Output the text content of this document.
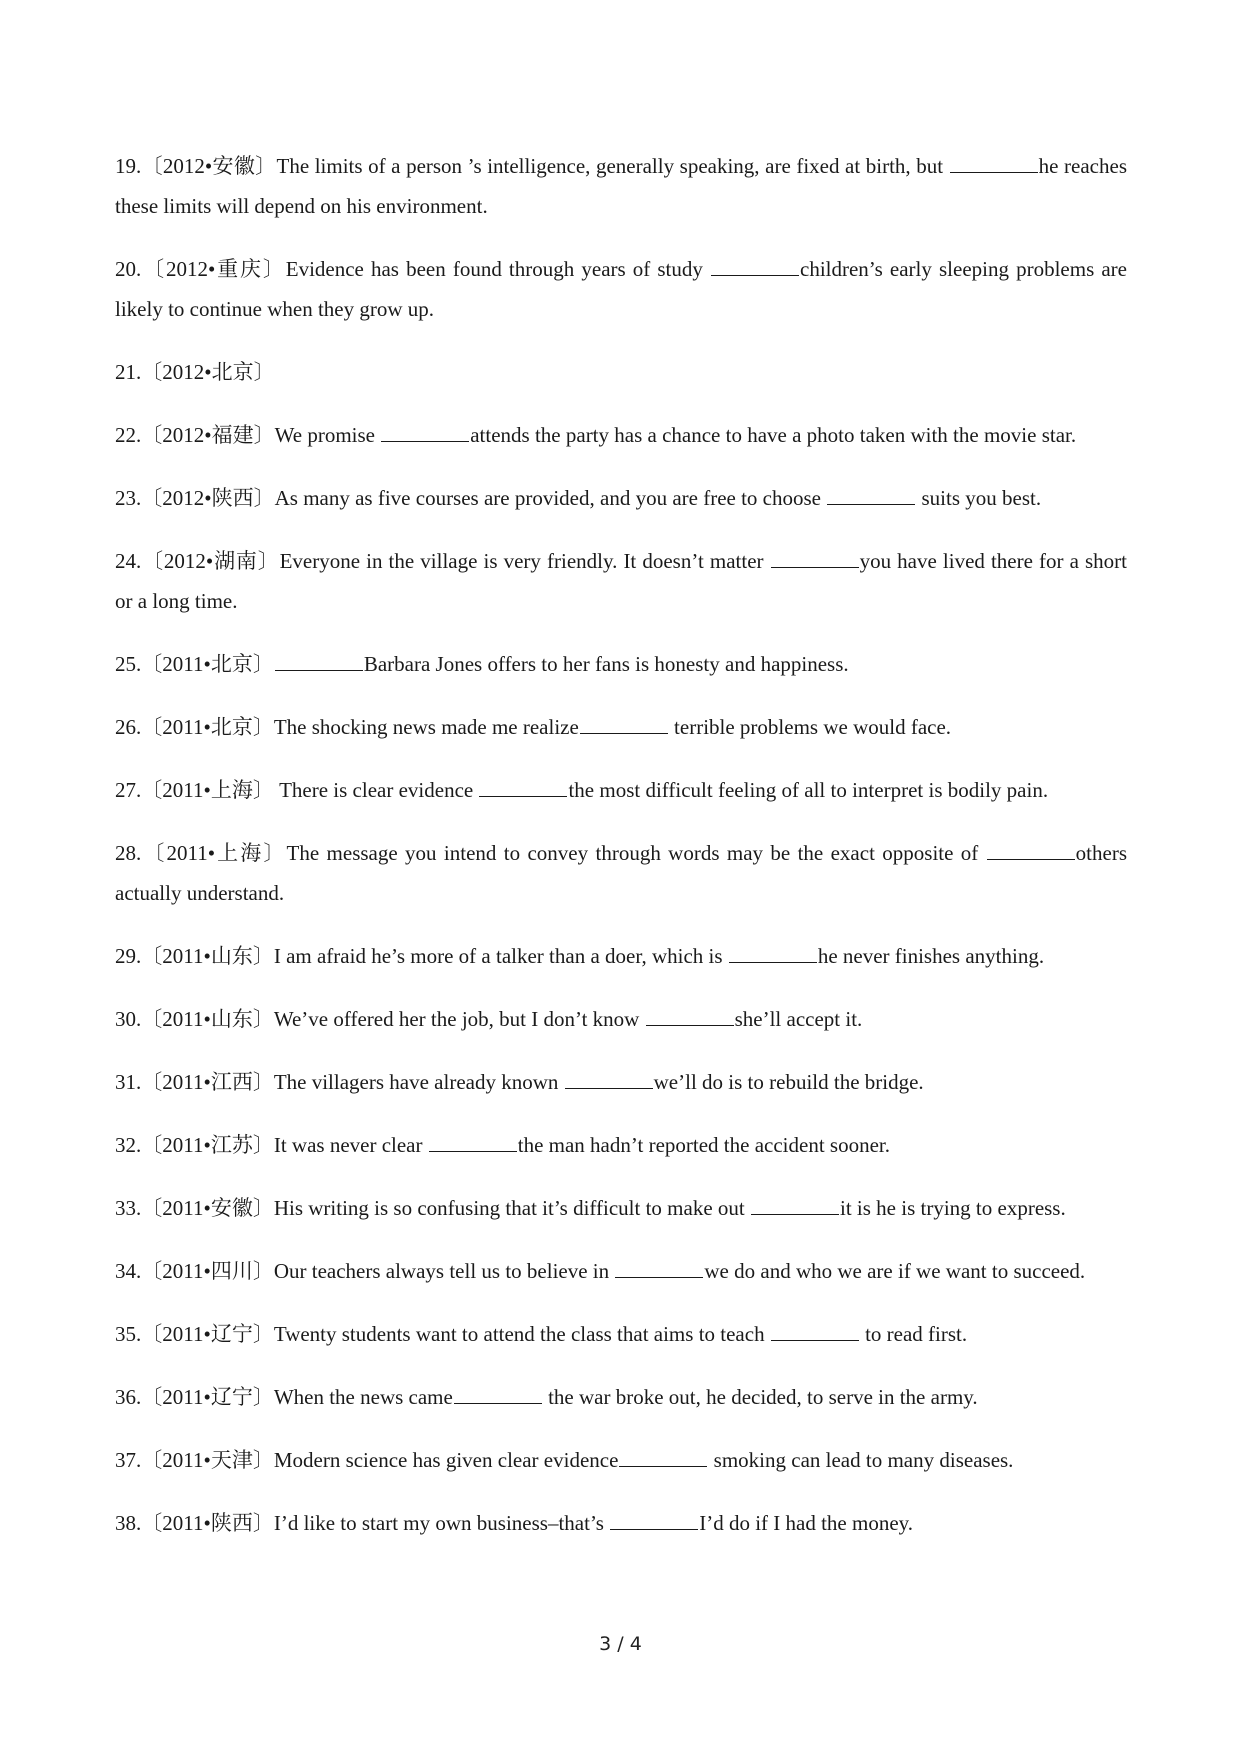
19.〔2012•安徽〕The limits of a person ’s intelligence, generally speaking, are fixed at birth, but	he reaches these limits will depend on his environment.

20.〔2012•重庆〕Evidence has been found through years of study	children’s early sleeping problems are likely to continue when they grow up.

21.〔2012•北京〕

22.〔2012•福建〕We promise	attends the party has a chance to have a photo taken with the movie star.

23.〔2012•陕西〕As many as five courses are provided, and you are free to choose	suits you best.

24.〔2012•湖南〕Everyone in the village is very friendly. It doesn’t matter	you have lived there for a short or a long time.

25.〔2011•北京〕	Barbara Jones offers to her fans is honesty and happiness.

26.〔2011•北京〕The shocking news made me realize	terrible problems we would face.

27.〔2011•上海〕 There is clear evidence	the most difficult feeling of all to interpret is bodily pain.

28.〔2011•上海〕The message you intend to convey through words may be the exact opposite of	others actually understand.

29.〔2011•山东〕I am afraid he’s more of a talker than a doer, which is	he never finishes anything.

30.〔2011•山东〕We’ve offered her the job, but I don’t know	she’ll accept it.

31.〔2011•江西〕The villagers have already known	we’ll do is to rebuild the bridge.

32.〔2011•江苏〕It was never clear	the man hadn’t reported the accident sooner.

33.〔2011•安徽〕His writing is so confusing that it’s difficult to make out	it is he is trying to express.

34.〔2011•四川〕Our teachers always tell us to believe in	we do and who we are if we want to succeed.

35.〔2011•辽宁〕Twenty students want to attend the class that aims to teach	to read first.

36.〔2011•辽宁〕When the news came	the war broke out, he decided, to serve in the army.

37.〔2011•天津〕Modern science has given clear evidence	smoking can lead to many diseases.

38.〔2011•陕西〕I’d like to start my own business–that’s	I’d do if I had the money.

3 / 4
